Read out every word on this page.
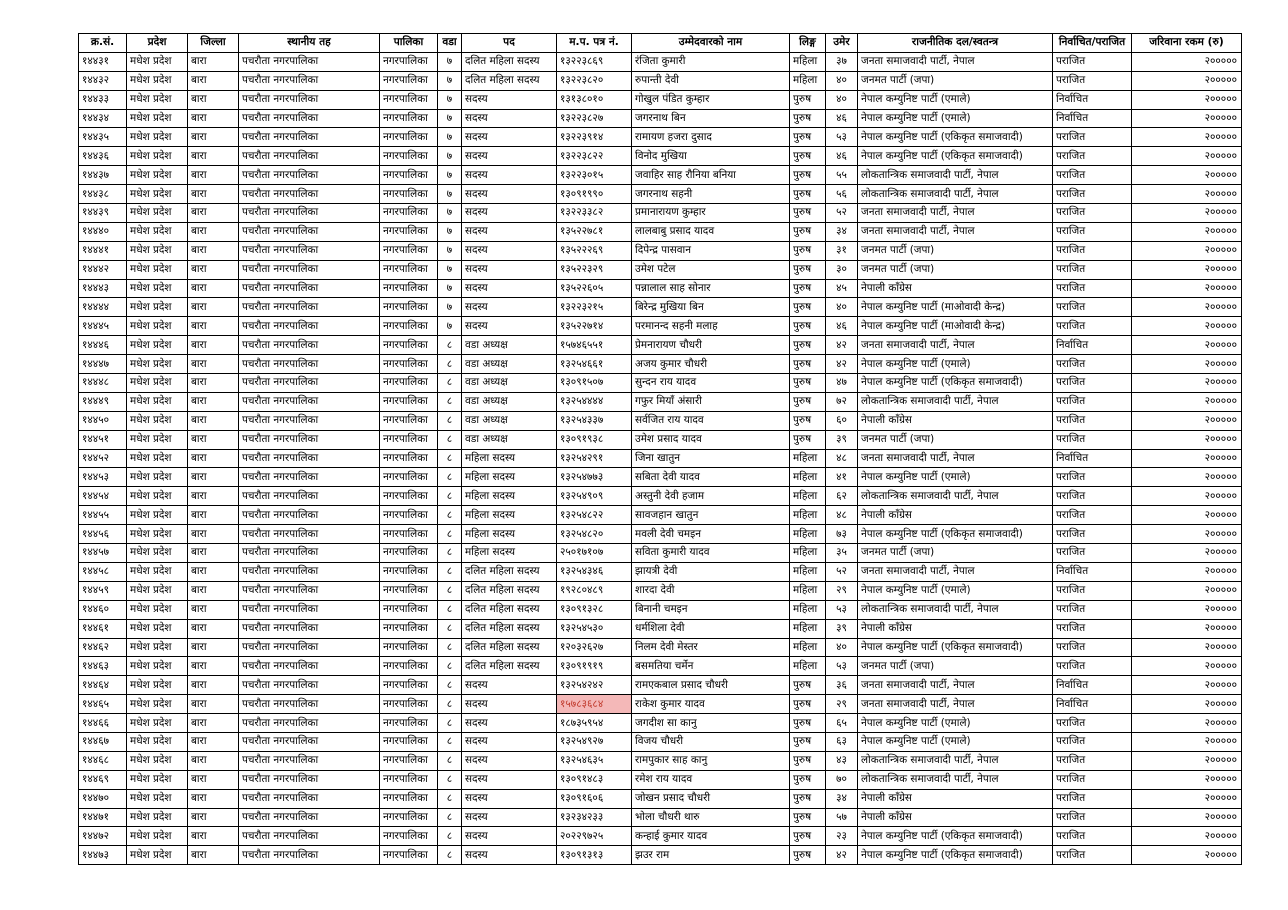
क्र.सं.	प्रदेश	जिल्ला	स्थानीय तह	पालिका	वडा	पद	म.प. पत्र नं.	उम्मेदवारको नाम	लिङ्ग	उमेर	राजनीतिक दल/स्वतन्त्र	निर्वाचित/पराजित	जरिवाना रकम (रु)
१४४३१	मधेश प्रदेश	बारा	पचरौता नगरपालिका	नगरपालिका	७	दलित महिला सदस्य	१३२२३८६९	रंजिता कुमारी	महिला	३७	जनता समाजवादी पार्टी, नेपाल	पराजित	२०००००
१४४३२	मधेश प्रदेश	बारा	पचरौता नगरपालिका	नगरपालिका	७	दलित महिला सदस्य	१३२२३८२०	रुपान्ती देवी	महिला	४०	जनमत पार्टी (जपा)	पराजित	२०००००
१४४३३	मधेश प्रदेश	बारा	पचरौता नगरपालिका	नगरपालिका	७	सदस्य	१३१३८०१०	गोखुल पंडित कुम्हार	पुरुष	४०	नेपाल कम्युनिष्ट पार्टी (एमाले)	निर्वाचित	२०००००
१४४३४	मधेश प्रदेश	बारा	पचरौता नगरपालिका	नगरपालिका	७	सदस्य	१३२२३८२७	जगरनाथ बिन	पुरुष	४६	नेपाल कम्युनिष्ट पार्टी (एमाले)	निर्वाचित	२०००००
१४४३५	मधेश प्रदेश	बारा	पचरौता नगरपालिका	नगरपालिका	७	सदस्य	१३२२३९१४	रामायण हजरा दुसाद	पुरुष	५३	नेपाल कम्युनिष्ट पार्टी (एकिकृत समाजवादी)	पराजित	२०००००
१४४३६	मधेश प्रदेश	बारा	पचरौता नगरपालिका	नगरपालिका	७	सदस्य	१३२२३८२२	विनोद मुखिया	पुरुष	४६	नेपाल कम्युनिष्ट पार्टी (एकिकृत समाजवादी)	पराजित	२०००००
१४४३७	मधेश प्रदेश	बारा	पचरौता नगरपालिका	नगरपालिका	७	सदस्य	१३२२३०१५	जवाहिर साह रौनिया बनिया	पुरुष	५५	लोकतान्त्रिक समाजवादी पार्टी, नेपाल	पराजित	२०००००
१४४३८	मधेश प्रदेश	बारा	पचरौता नगरपालिका	नगरपालिका	७	सदस्य	१३०९१९९०	जगरनाथ सहनी	पुरुष	५६	लोकतान्त्रिक समाजवादी पार्टी, नेपाल	पराजित	२०००००
१४४३९	मधेश प्रदेश	बारा	पचरौता नगरपालिका	नगरपालिका	७	सदस्य	१३२२३३८२	प्रमानारायण कुम्हार	पुरुष	५२	जनता समाजवादी पार्टी, नेपाल	पराजित	२०००००
१४४४०	मधेश प्रदेश	बारा	पचरौता नगरपालिका	नगरपालिका	७	सदस्य	१३५२२७८१	लालबाबु प्रसाद यादव	पुरुष	३४	जनता समाजवादी पार्टी, नेपाल	पराजित	२०००००
१४४४१	मधेश प्रदेश	बारा	पचरौता नगरपालिका	नगरपालिका	७	सदस्य	१३५२२२६९	दिपेन्द्र पासवान	पुरुष	३१	जनमत पार्टी (जपा)	पराजित	२०००००
१४४४२	मधेश प्रदेश	बारा	पचरौता नगरपालिका	नगरपालिका	७	सदस्य	१३५२२३२९	उमेश पटेल	पुरुष	३०	जनमत पार्टी (जपा)	पराजित	२०००००
१४४४३	मधेश प्रदेश	बारा	पचरौता नगरपालिका	नगरपालिका	७	सदस्य	१३५२२६०५	पन्नालाल साह सोनार	पुरुष	४५	नेपाली काँग्रेस	पराजित	२०००००
१४४४४	मधेश प्रदेश	बारा	पचरौता नगरपालिका	नगरपालिका	७	सदस्य	१३२२३२१५	बिरेन्द्र मुखिया बिन	पुरुष	४०	नेपाल कम्युनिष्ट पार्टी (माओवादी केन्द्र)	पराजित	२०००००
१४४४५	मधेश प्रदेश	बारा	पचरौता नगरपालिका	नगरपालिका	७	सदस्य	१३५२२७१४	परमानन्द सहनी मलाह	पुरुष	४६	नेपाल कम्युनिष्ट पार्टी (माओवादी केन्द्र)	पराजित	२०००००
१४४४६	मधेश प्रदेश	बारा	पचरौता नगरपालिका	नगरपालिका	८	वडा अध्यक्ष	१५७४६५५१	प्रेमनारायण चौधरी	पुरुष	४२	जनता समाजवादी पार्टी, नेपाल	निर्वाचित	२०००००
१४४४७	मधेश प्रदेश	बारा	पचरौता नगरपालिका	नगरपालिका	८	वडा अध्यक्ष	१३२५४६६१	अजय कुमार चौधरी	पुरुष	४२	नेपाल कम्युनिष्ट पार्टी (एमाले)	पराजित	२०००००
१४४४८	मधेश प्रदेश	बारा	पचरौता नगरपालिका	नगरपालिका	८	वडा अध्यक्ष	१३०९१५०७	सुन्दन राय यादव	पुरुष	४७	नेपाल कम्युनिष्ट पार्टी (एकिकृत समाजवादी)	पराजित	२०००००
१४४४९	मधेश प्रदेश	बारा	पचरौता नगरपालिका	नगरपालिका	८	वडा अध्यक्ष	१३२५४४४४	गफुर मियाँ अंसारी	पुरुष	७२	लोकतान्त्रिक समाजवादी पार्टी, नेपाल	पराजित	२०००००
१४४५०	मधेश प्रदेश	बारा	पचरौता नगरपालिका	नगरपालिका	८	वडा अध्यक्ष	१३२५४३३७	सर्वजित राय यादव	पुरुष	६०	नेपाली काँग्रेस	पराजित	२०००००
१४४५१	मधेश प्रदेश	बारा	पचरौता नगरपालिका	नगरपालिका	८	वडा अध्यक्ष	१३०९१९३८	उमेश प्रसाद यादव	पुरुष	३९	जनमत पार्टी (जपा)	पराजित	२०००००
१४४५२	मधेश प्रदेश	बारा	पचरौता नगरपालिका	नगरपालिका	८	महिला सदस्य	१३२५४२९१	जिना खातुन	महिला	४८	जनता समाजवादी पार्टी, नेपाल	निर्वाचित	२०००००
१४४५३	मधेश प्रदेश	बारा	पचरौता नगरपालिका	नगरपालिका	८	महिला सदस्य	१३२५४७७३	सबिता देवी यादव	महिला	४१	नेपाल कम्युनिष्ट पार्टी (एमाले)	पराजित	२०००००
१४४५४	मधेश प्रदेश	बारा	पचरौता नगरपालिका	नगरपालिका	८	महिला सदस्य	१३२५४९०९	अस्तुनी देवी हजाम	महिला	६२	लोकतान्त्रिक समाजवादी पार्टी, नेपाल	पराजित	२०००००
१४४५५	मधेश प्रदेश	बारा	पचरौता नगरपालिका	नगरपालिका	८	महिला सदस्य	१३२५४८२२	सावजहान खातुन	महिला	४८	नेपाली काँग्रेस	पराजित	२०००००
१४४५६	मधेश प्रदेश	बारा	पचरौता नगरपालिका	नगरपालिका	८	महिला सदस्य	१३२५४८२०	मवली देवी चमइन	महिला	७३	नेपाल कम्युनिष्ट पार्टी (एकिकृत समाजवादी)	पराजित	२०००००
१४४५७	मधेश प्रदेश	बारा	पचरौता नगरपालिका	नगरपालिका	८	महिला सदस्य	२५०१७१०७	सविता कुमारी यादव	महिला	३५	जनमत पार्टी (जपा)	पराजित	२०००००
१४४५८	मधेश प्रदेश	बारा	पचरौता नगरपालिका	नगरपालिका	८	दलित महिला सदस्य	१३२५४३४६	झायत्री देवी	महिला	५२	जनता समाजवादी पार्टी, नेपाल	निर्वाचित	२०००००
१४४५९	मधेश प्रदेश	बारा	पचरौता नगरपालिका	नगरपालिका	८	दलित महिला सदस्य	१९२८०४८९	शारदा देवी	महिला	२९	नेपाल कम्युनिष्ट पार्टी (एमाले)	पराजित	२०००००
१४४६०	मधेश प्रदेश	बारा	पचरौता नगरपालिका	नगरपालिका	८	दलित महिला सदस्य	१३०९१३२८	बिनानी चमइन	महिला	५३	लोकतान्त्रिक समाजवादी पार्टी, नेपाल	पराजित	२०००००
१४४६१	मधेश प्रदेश	बारा	पचरौता नगरपालिका	नगरपालिका	८	दलित महिला सदस्य	१३२५४५३०	धर्मशिला देवी	महिला	३९	नेपाली काँग्रेस	पराजित	२०००००
१४४६२	मधेश प्रदेश	बारा	पचरौता नगरपालिका	नगरपालिका	८	दलित महिला सदस्य	१२०३२६२७	निलम देवी मेस्तर	महिला	४०	नेपाल कम्युनिष्ट पार्टी (एकिकृत समाजवादी)	पराजित	२०००००
१४४६३	मधेश प्रदेश	बारा	पचरौता नगरपालिका	नगरपालिका	८	दलित महिला सदस्य	१३०९१९१९	बसमतिया चर्मेन	महिला	५३	जनमत पार्टी (जपा)	पराजित	२०००००
१४४६४	मधेश प्रदेश	बारा	पचरौता नगरपालिका	नगरपालिका	८	सदस्य	१३२५४२४२	रामएकबाल प्रसाद चौधरी	पुरुष	३६	जनता समाजवादी पार्टी, नेपाल	निर्वाचित	२०००००
१४४६५	मधेश प्रदेश	बारा	पचरौता नगरपालिका	नगरपालिका	८	सदस्य	१५७८३६८४	राकेश कुमार यादव	पुरुष	२९	जनता समाजवादी पार्टी, नेपाल	निर्वाचित	२०००००
१४४६६	मधेश प्रदेश	बारा	पचरौता नगरपालिका	नगरपालिका	८	सदस्य	१८७३५९५४	जगदीश सा कानु	पुरुष	६५	नेपाल कम्युनिष्ट पार्टी (एमाले)	पराजित	२०००००
१४४६७	मधेश प्रदेश	बारा	पचरौता नगरपालिका	नगरपालिका	८	सदस्य	१३२५४९२७	विजय चौधरी	पुरुष	६३	नेपाल कम्युनिष्ट पार्टी (एमाले)	पराजित	२०००००
१४४६८	मधेश प्रदेश	बारा	पचरौता नगरपालिका	नगरपालिका	८	सदस्य	१३२५४६३५	रामपुकार साह कानु	पुरुष	४३	लोकतान्त्रिक समाजवादी पार्टी, नेपाल	पराजित	२०००००
१४४६९	मधेश प्रदेश	बारा	पचरौता नगरपालिका	नगरपालिका	८	सदस्य	१३०९१४८३	रमेश राय यादव	पुरुष	७०	लोकतान्त्रिक समाजवादी पार्टी, नेपाल	पराजित	२०००००
१४४७०	मधेश प्रदेश	बारा	पचरौता नगरपालिका	नगरपालिका	८	सदस्य	१३०९१६०६	जोखन प्रसाद चौधरी	पुरुष	३४	नेपाली काँग्रेस	पराजित	२०००००
१४४७१	मधेश प्रदेश	बारा	पचरौता नगरपालिका	नगरपालिका	८	सदस्य	१३२३४२३३	भोला चौधरी थारु	पुरुष	५७	नेपाली काँग्रेस	पराजित	२०००००
१४४७२	मधेश प्रदेश	बारा	पचरौता नगरपालिका	नगरपालिका	८	सदस्य	२०२२९७२५	कन्हाई कुमार यादव	पुरुष	२३	नेपाल कम्युनिष्ट पार्टी (एकिकृत समाजवादी)	पराजित	२०००००
१४४७३	मधेश प्रदेश	बारा	पचरौता नगरपालिका	नगरपालिका	८	सदस्य	१३०९१३१३	झउर राम	पुरुष	४२	नेपाल कम्युनिष्ट पार्टी (एकिकृत समाजवादी)	पराजित	२०००००
